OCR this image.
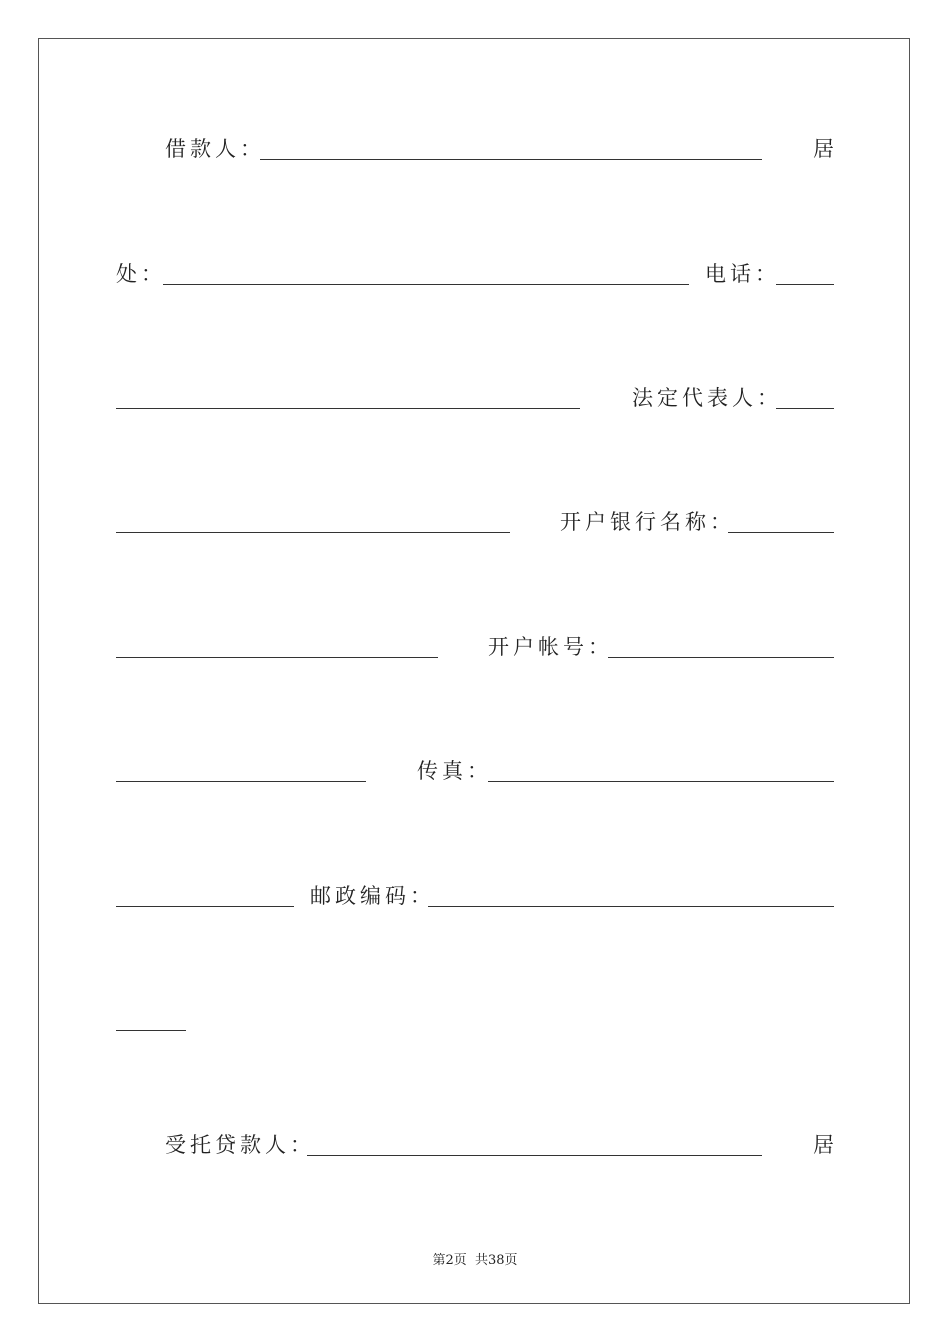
借款人：	居
处：	电话：
法定代表人：
开户银行名称：
开户帐号：
传真：
邮政编码：
受托贷款人：	居
第2页 共38页
